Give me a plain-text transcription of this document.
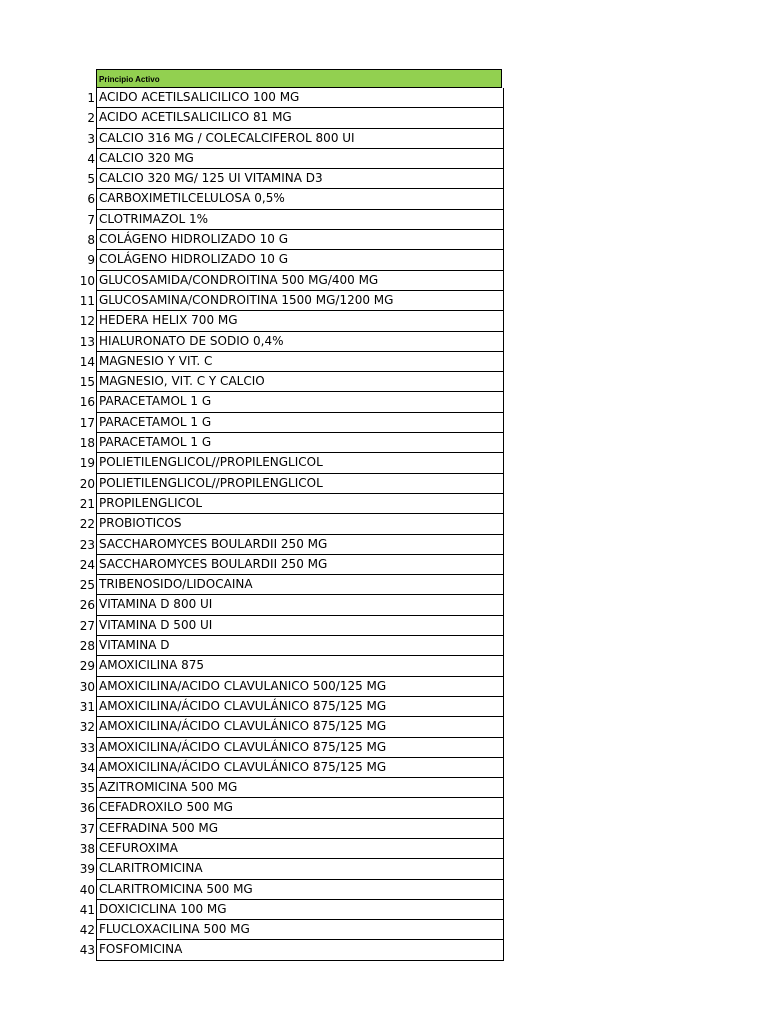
Principio Activo
1 ACIDO ACETILSALICILICO 100 MG
2 ACIDO ACETILSALICILICO 81 MG
3 CALCIO 316 MG / COLECALCIFEROL 800 UI
4 CALCIO 320 MG
5 CALCIO 320 MG/ 125 UI VITAMINA D3
6 CARBOXIMETILCELULOSA 0,5%
7 CLOTRIMAZOL 1%
8 COLÁGENO HIDROLIZADO 10 G
9 COLÁGENO HIDROLIZADO 10 G
10 GLUCOSAMIDA/CONDROITINA 500 MG/400 MG
11 GLUCOSAMINA/CONDROITINA 1500 MG/1200 MG
12 HEDERA HELIX 700 MG
13 HIALURONATO DE SODIO 0,4%
14 MAGNESIO Y VIT. C
15 MAGNESIO, VIT. C Y CALCIO
16 PARACETAMOL 1 G
17 PARACETAMOL 1 G
18 PARACETAMOL 1 G
19 POLIETILENGLICOL//PROPILENGLICOL
20 POLIETILENGLICOL//PROPILENGLICOL
21 PROPILENGLICOL
22 PROBIOTICOS
23 SACCHAROMYCES BOULARDII 250 MG
24 SACCHAROMYCES BOULARDII 250 MG
25 TRIBENOSIDO/LIDOCAINA
26 VITAMINA D 800 UI
27 VITAMINA D 500 UI
28 VITAMINA D
29 AMOXICILINA 875
30 AMOXICILINA/ACIDO CLAVULANICO 500/125 MG
31 AMOXICILINA/ÁCIDO CLAVULÁNICO 875/125 MG
32 AMOXICILINA/ÁCIDO CLAVULÁNICO 875/125 MG
33 AMOXICILINA/ÁCIDO CLAVULÁNICO 875/125 MG
34 AMOXICILINA/ÁCIDO CLAVULÁNICO 875/125 MG
35 AZITROMICINA 500 MG
36 CEFADROXILO 500 MG
37 CEFRADINA 500 MG
38 CEFUROXIMA
39 CLARITROMICINA
40 CLARITROMICINA 500 MG
41 DOXICICLINA 100 MG
42 FLUCLOXACILINA 500 MG
43 FOSFOMICINA
